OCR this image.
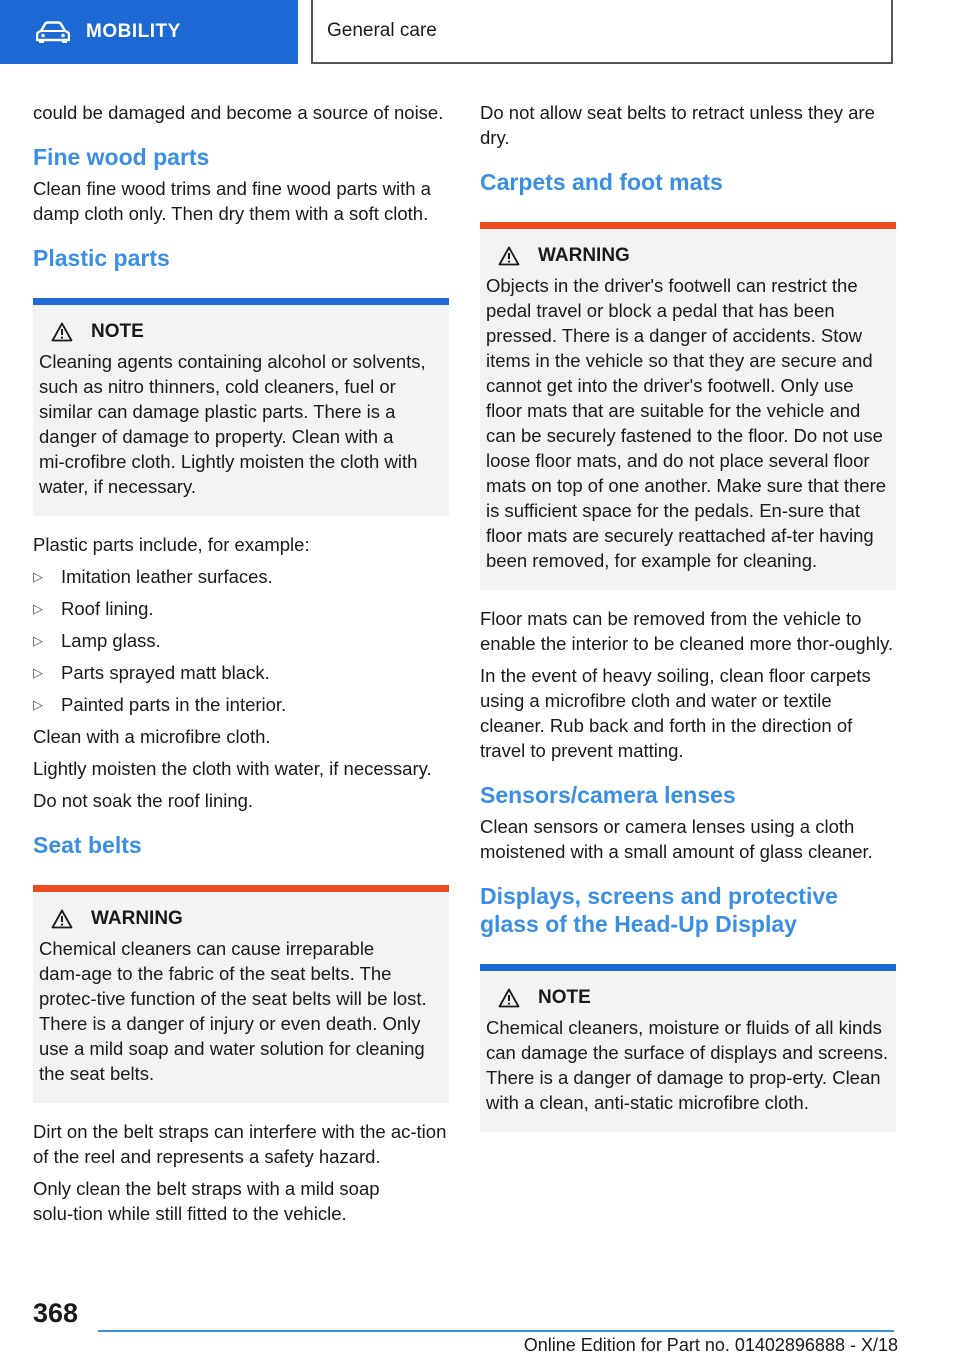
MOBILITY	General care

could be damaged and become a source of noise.

Fine wood parts

Clean fine wood trims and fine wood parts with a damp cloth only. Then dry them with a soft cloth.

Plastic parts
NOTE
Cleaning agents containing alcohol or solvents, such as nitro thinners, cold cleaners, fuel or similar can damage plastic parts. There is a danger of damage to property. Clean with a mi‑crofibre cloth. Lightly moisten the cloth with water, if necessary.

Plastic parts include, for example:

▷ Imitation leather surfaces.
▷ Roof lining.
▷ Lamp glass.
▷ Parts sprayed matt black.
▷ Painted parts in the interior.

Clean with a microfibre cloth.

Lightly moisten the cloth with water, if necessary.

Do not soak the roof lining.

Seat belts
WARNING
Chemical cleaners can cause irreparable dam‑age to the fabric of the seat belts. The protec‑tive function of the seat belts will be lost. There is a danger of injury or even death. Only use a mild soap and water solution for cleaning the seat belts.

Dirt on the belt straps can interfere with the ac‑tion of the reel and represents a safety hazard.

Only clean the belt straps with a mild soap solu‑tion while still fitted to the vehicle.

Do not allow seat belts to retract unless they are dry.

Carpets and foot mats
WARNING
Objects in the driver's footwell can restrict the pedal travel or block a pedal that has been pressed. There is a danger of accidents. Stow items in the vehicle so that they are secure and cannot get into the driver's footwell. Only use floor mats that are suitable for the vehicle and can be securely fastened to the floor. Do not use loose floor mats, and do not place several floor mats on top of one another. Make sure that there is sufficient space for the pedals. En‑sure that floor mats are securely reattached af‑ter having been removed, for example for cleaning.

Floor mats can be removed from the vehicle to enable the interior to be cleaned more thor‑oughly.

In the event of heavy soiling, clean floor carpets using a microfibre cloth and water or textile cleaner. Rub back and forth in the direction of travel to prevent matting.

Sensors/camera lenses

Clean sensors or camera lenses using a cloth moistened with a small amount of glass cleaner.

Displays, screens and protective glass of the Head-Up Display
NOTE
Chemical cleaners, moisture or fluids of all kinds can damage the surface of displays and screens. There is a danger of damage to prop‑erty. Clean with a clean, anti-static microfibre cloth.
368
Online Edition for Part no. 01402896888 - X/18
